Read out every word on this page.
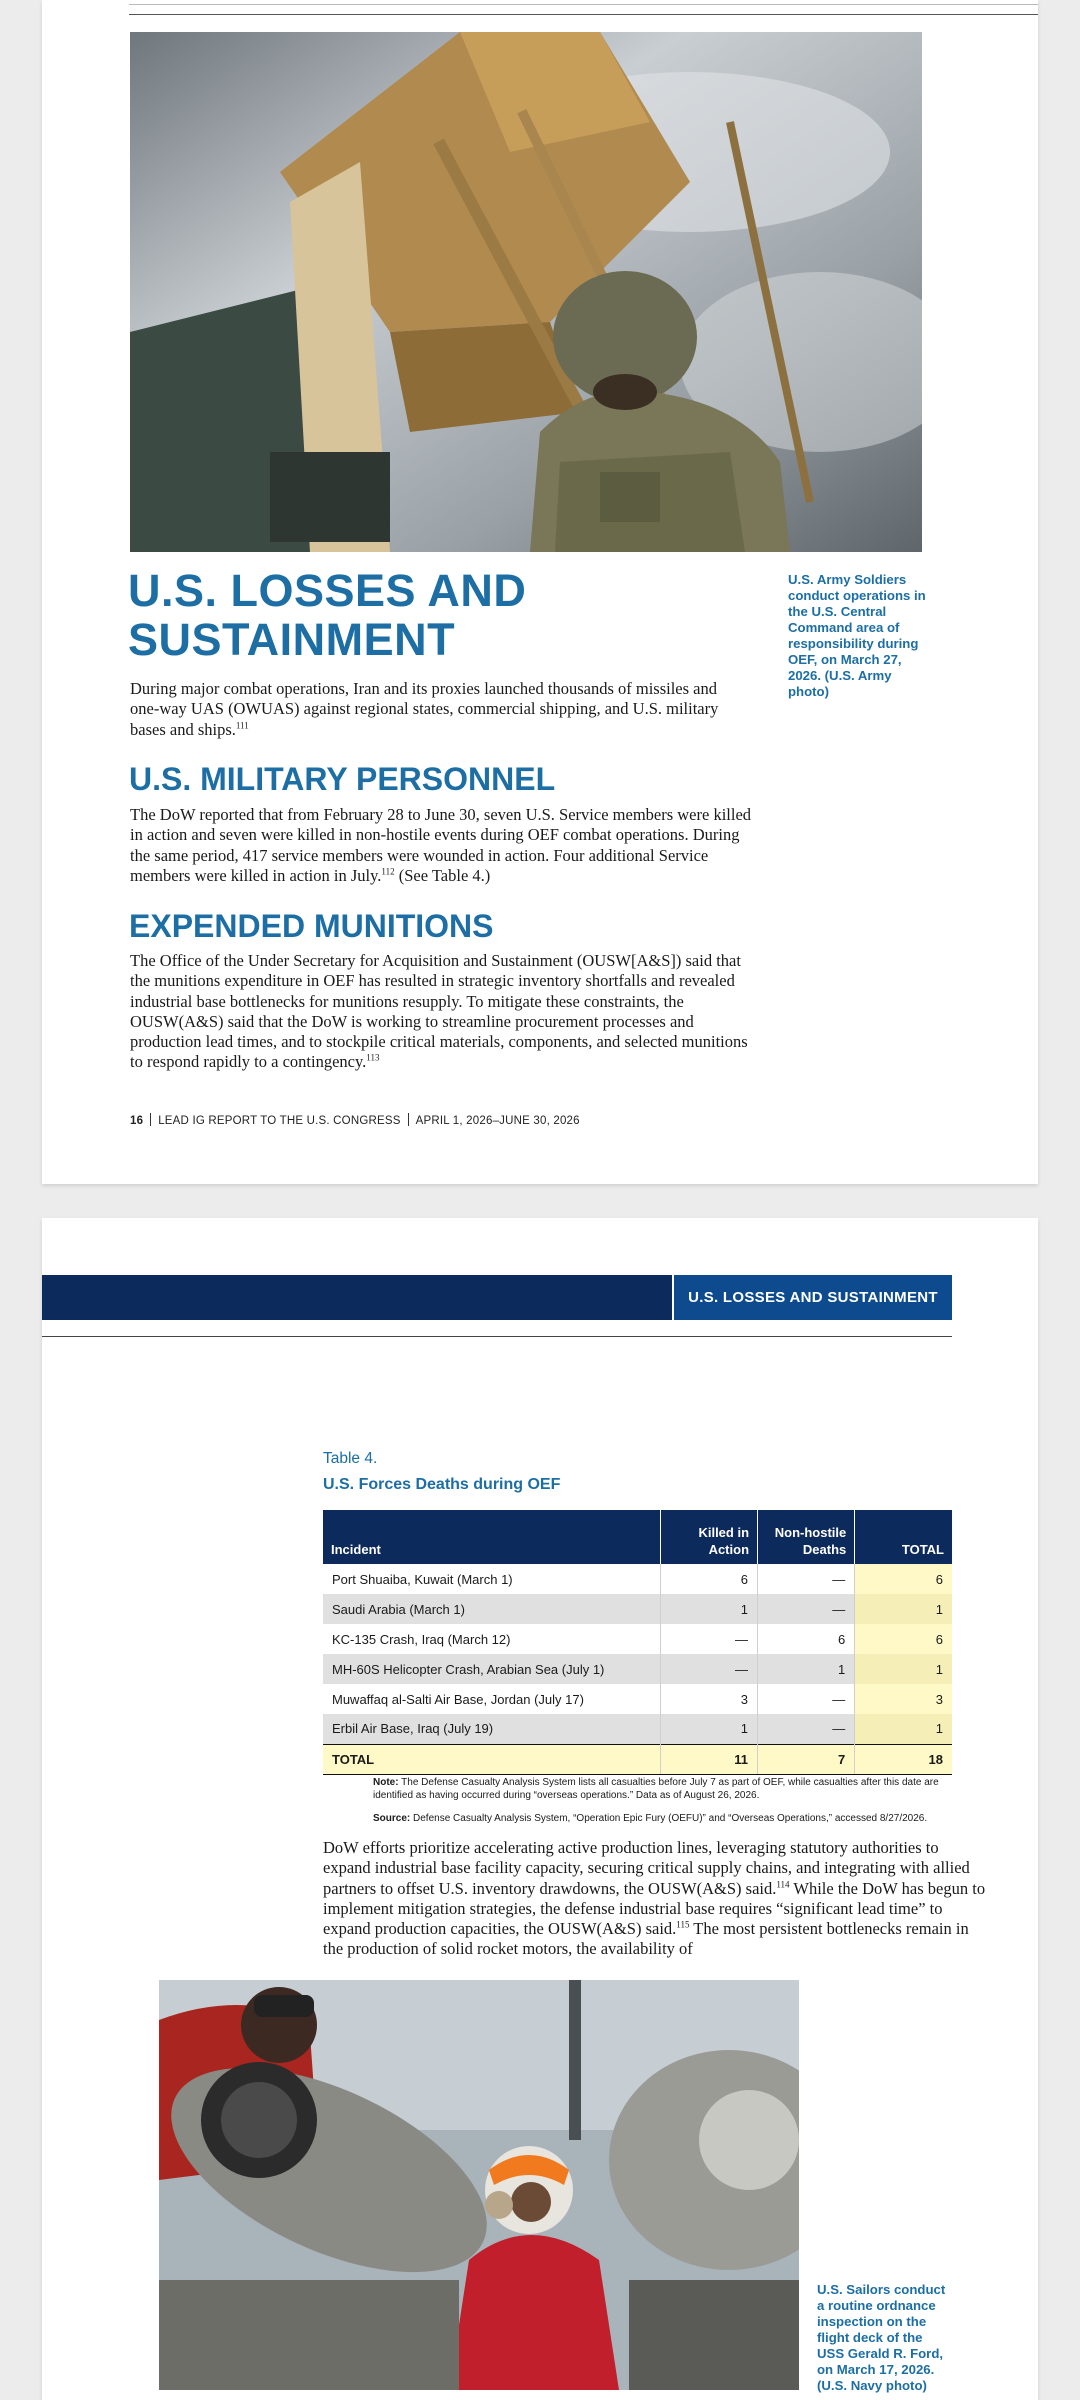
U.S. Army Soldiers conduct operations in the U.S. Central Command area of responsibility during OEF, on March 27, 2026. (U.S. Army photo)
U.S. LOSSES AND SUSTAINMENT

During major combat operations, Iran and its proxies launched thousands of missiles and one-way UAS (OWUAS) against regional states, commercial shipping, and U.S. military bases and ships.$^{111}$

U.S. MILITARY PERSONNEL

The DoW reported that from February 28 to June 30, seven U.S. Service members were killed in action and seven were killed in non-hostile events during OEF combat operations. During the same period, 417 service members were wounded in action. Four additional Service members were killed in action in July.$^{112}$ (See Table 4.)

EXPENDED MUNITIONS

The Office of the Under Secretary for Acquisition and Sustainment (OUSW[A&S]) said that the munitions expenditure in OEF has resulted in strategic inventory shortfalls and revealed industrial base bottlenecks for munitions resupply. To mitigate these constraints, the OUSW(A&S) said that the DoW is working to streamline procurement processes and production lead times, and to stockpile critical materials, components, and selected munitions to respond rapidly to a contingency.$^{113}$

16 LEAD IG REPORT TO THE U.S. CONGRESS APRIL 1, 2026‒JUNE 30, 2026
U.S. LOSSES AND SUSTAINMENT
Table 4.
U.S. Forces Deaths during OEF
Incident	Killed in Action	Non-hostile Deaths	TOTAL
Port Shuaiba, Kuwait (March 1)	6	—	6
Saudi Arabia (March 1)	1	—	1
KC-135 Crash, Iraq (March 12)	—	6	6
MH-60S Helicopter Crash, Arabian Sea (July 1)	—	1	1
Muwaffaq al-Salti Air Base, Jordan (July 17)	3	—	3
Erbil Air Base, Iraq (July 19)	1	—	1
TOTAL	11	7	18
Note: The Defense Casualty Analysis System lists all casualties before July 7 as part of OEF, while casualties after this date are identified as having occurred during “overseas operations.” Data as of August 26, 2026.
Source: Defense Casualty Analysis System, “Operation Epic Fury (OEFU)” and “Overseas Operations,” accessed 8/27/2026.

DoW efforts prioritize accelerating active production lines, leveraging statutory authorities to expand industrial base facility capacity, securing critical supply chains, and integrating with allied partners to offset U.S. inventory drawdowns, the OUSW(A&S) said.$^{114}$ While the DoW has begun to implement mitigation strategies, the defense industrial base requires “significant lead time” to expand production capacities, the OUSW(A&S) said.$^{115}$ The most persistent bottlenecks remain in the production of solid rocket motors, the availability of

U.S. Sailors conduct a routine ordnance inspection on the flight deck of the USS Gerald R. Ford, on March 17, 2026. (U.S. Navy photo)
